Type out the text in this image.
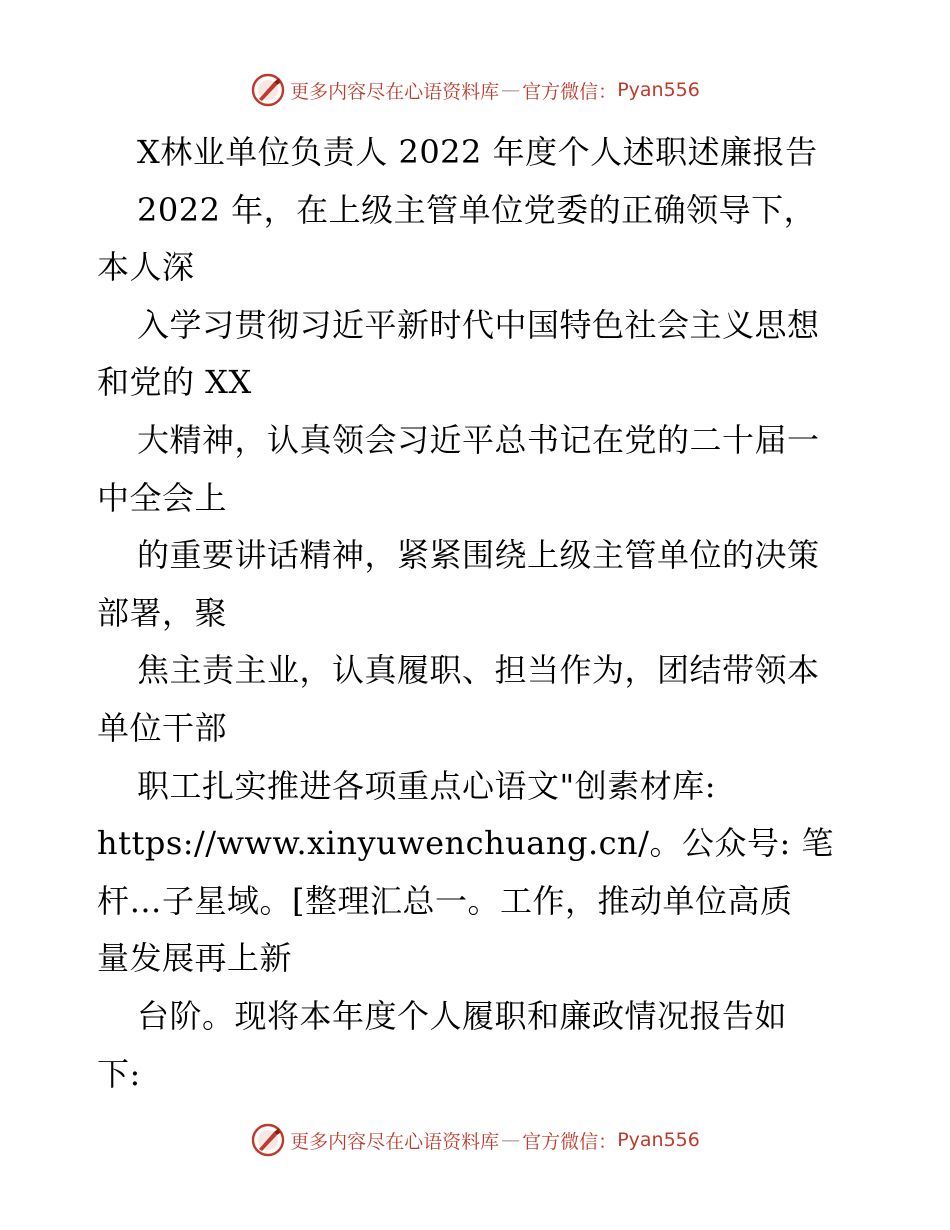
更多内容尽在心语资料库 — 官方微信： Pyan556
X林业单位负责人 2022 年度个人述职述廉报告
2022 年，在上级主管单位党委的正确领导下，
本人深
入学习贯彻习近平新时代中国特色社会主义思想
和党的 XX
大精神，认真领会习近平总书记在党的二十届一
中全会上
的重要讲话精神，紧紧围绕上级主管单位的决策
部署，聚
焦主责主业，认真履职、担当作为，团结带领本
单位干部
职工扎实推进各项重点心语文"创素材库:
https://www.xinyuwenchuang.cn/。公众号: 笔
杆…子星域。[整理汇总一。工作，推动单位高质
量发展再上新
台阶。现将本年度个人履职和廉政情况报告如
下:
更多内容尽在心语资料库 — 官方微信： Pyan556
